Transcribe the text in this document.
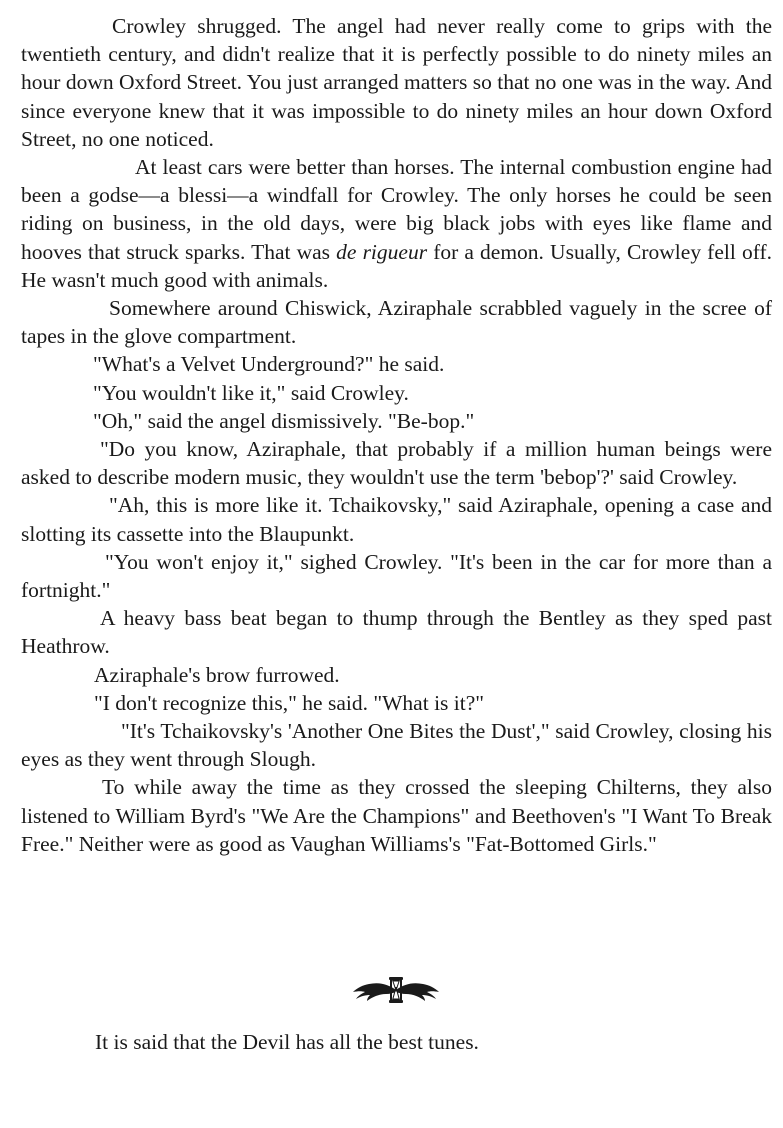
Crowley shrugged. The angel had never really come to grips with the twentieth century, and didn't realize that it is perfectly possible to do ninety miles an hour down Oxford Street. You just arranged matters so that no one was in the way. And since everyone knew that it was impossible to do ninety miles an hour down Oxford Street, no one noticed.

At least cars were better than horses. The internal combustion engine had been a godse—a blessi—a windfall for Crowley. The only horses he could be seen riding on business, in the old days, were big black jobs with eyes like flame and hooves that struck sparks. That was de rigueur for a demon. Usually, Crowley fell off. He wasn't much good with animals.

Somewhere around Chiswick, Aziraphale scrabbled vaguely in the scree of tapes in the glove compartment.

"What's a Velvet Underground?" he said.

"You wouldn't like it," said Crowley.

"Oh," said the angel dismissively. "Be-bop."

"Do you know, Aziraphale, that probably if a million human beings were asked to describe modern music, they wouldn't use the term 'bebop'?' said Crowley.

"Ah, this is more like it. Tchaikovsky," said Aziraphale, opening a case and slotting its cassette into the Blaupunkt.

"You won't enjoy it," sighed Crowley. "It's been in the car for more than a fortnight."

A heavy bass beat began to thump through the Bentley as they sped past Heathrow.

Aziraphale's brow furrowed.

"I don't recognize this," he said. "What is it?"

"It's Tchaikovsky's 'Another One Bites the Dust'," said Crowley, closing his eyes as they went through Slough.

To while away the time as they crossed the sleeping Chilterns, they also listened to William Byrd's "We Are the Champions" and Beethoven's "I Want To Break Free." Neither were as good as Vaughan Williams's "Fat-Bottomed Girls."

It is said that the Devil has all the best tunes.
